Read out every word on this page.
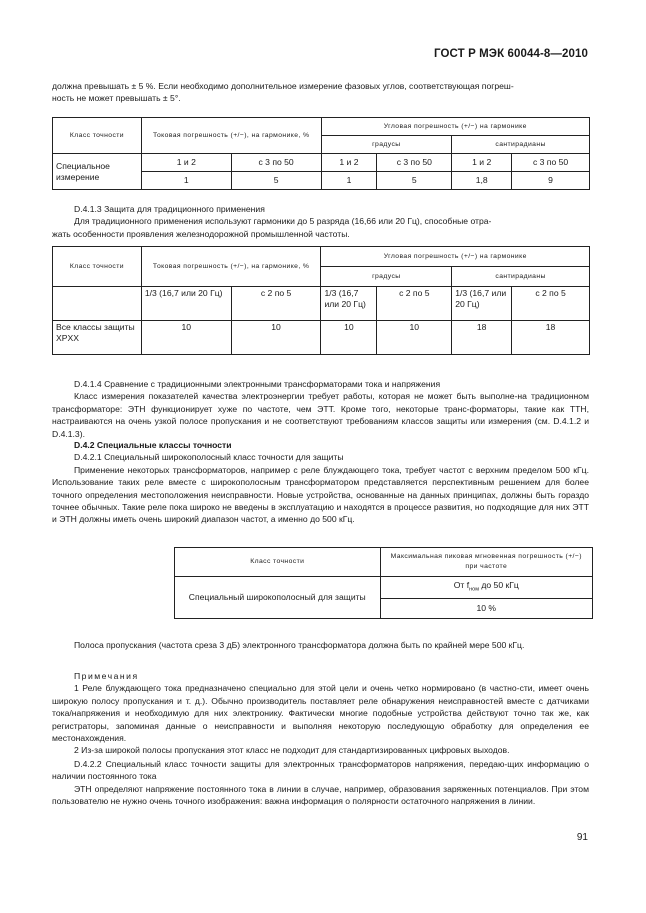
ГОСТ Р МЭК 60044-8—2010

должна превышать ± 5 %. Если необходимо дополнительное измерение фазовых углов, соответствующая погреш-

ность не может превышать ± 5°.

Класс точности	Токовая погрешность (+/−), на гармонике, %		Угловая погрешность (+/−) на гармонике			
			градусы		сантирадианы	
Специальное измерение	1 и 2	с 3 по 50	1 и 2	с 3 по 50	1 и 2	с 3 по 50
	1	5	1	5	1,8	9

D.4.1.3 Защита для традиционного применения

Для традиционного применения используют гармоники до 5 разряда (16,66 или 20 Гц), способные отра-

жать особенности проявления железнодорожной промышленной частоты.

Класс точности	Токовая погрешность (+/−), на гармонике, %		Угловая погрешность (+/−) на гармонике			
			градусы		сантирадианы	
	1/3 (16,7 или 20 Гц)	с 2 по 5	1/3 (16,7 или 20 Гц)	с 2 по 5	1/3 (16,7 или 20 Гц)	с 2 по 5
Все классы защиты XPXX	10	10	10	10	18	18

D.4.1.4 Сравнение с традиционными электронными трансформаторами тока и напряжения

Класс измерения показателей качества электроэнергии требует работы, которая не может быть выполне-на традиционном трансформаторе: ЭТН функционирует хуже по частоте, чем ЭТТ. Кроме того, некоторые транс-форматоры, такие как ТТН, настраиваются на очень узкой полосе пропускания и не соответствуют требованиям классов защиты или измерения (см. D.4.1.2 и D.4.1.3).

D.4.2 Специальные классы точности

D.4.2.1 Специальный широкополосный класс точности для защиты

Применение некоторых трансформаторов, например с реле блуждающего тока, требует частот с верхним пределом 500 кГц. Использование таких реле вместе с широкополосным трансформатором представляется перспективным решением для более точного определения местоположения неисправности. Новые устройства, основанные на данных принципах, должны быть гораздо точнее обычных. Такие реле пока широко не введены в эксплуатацию и находятся в процессе развития, но подходящие для них ЭТТ и ЭТН должны иметь очень широкий диапазон частот, а именно до 500 кГц.

Класс точности	Максимальная пиковая мгновенная погрешность (+/−) при частоте
Специальный широкополосный для защиты	От $f_{ном}$ до 50 кГц
	10 %

Полоса пропускания (частота среза 3 дБ) электронного трансформатора должна быть по крайней мере 500 кГц.

Примечания

1 Реле блуждающего тока предназначено специально для этой цели и очень четко нормировано (в частно-сти, имеет очень широкую полосу пропускания и т. д.). Обычно производитель поставляет реле обнаружения неисправностей вместе с датчиками тока/напряжения и необходимую для них электронику. Фактически многие подобные устройства действуют точно так же, как регистраторы, запоминая данные о неисправности и выполняя некоторую последующую обработку для определения ее местонахождения.

2 Из-за широкой полосы пропускания этот класс не подходит для стандартизированных цифровых выходов.

D.4.2.2 Специальный класс точности защиты для электронных трансформаторов напряжения, передаю-щих информацию о наличии постоянного тока

ЭТН определяют напряжение постоянного тока в линии в случае, например, образования заряженных потенциалов. При этом пользователю не нужно очень точного изображения: важна информация о полярности остаточного напряжения в линии.

91
